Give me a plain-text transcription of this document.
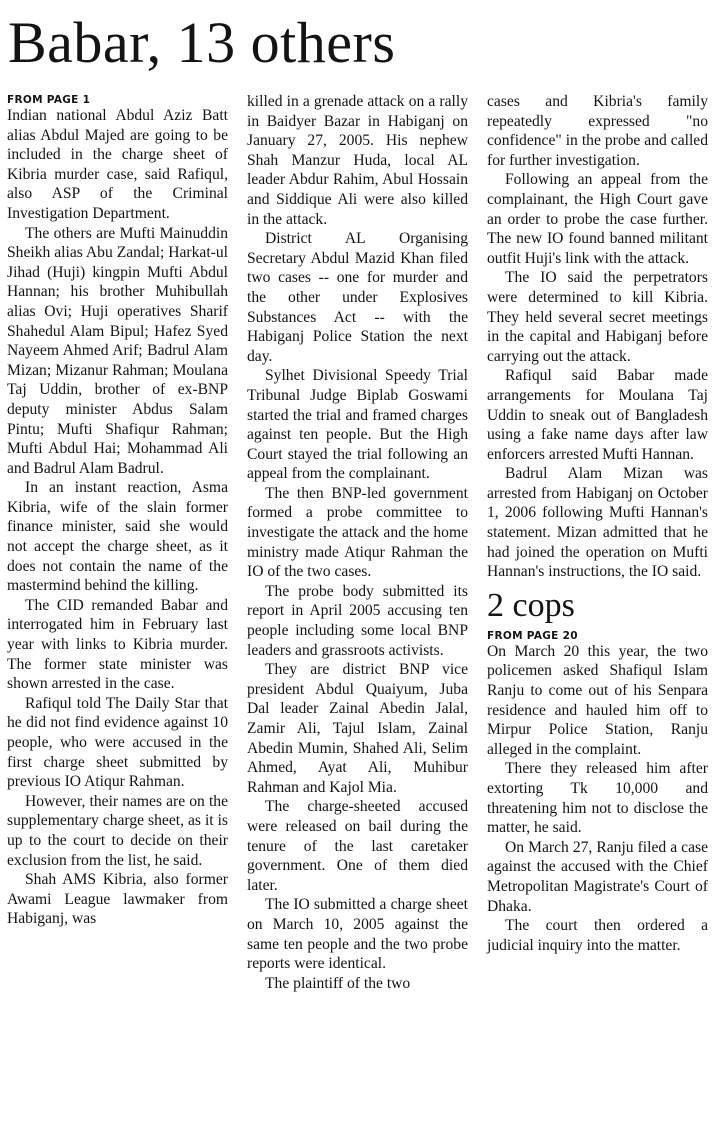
Babar, 13 others
FROM PAGE 1

Indian national Abdul Aziz Batt alias Abdul Majed are going to be included in the charge sheet of Kibria murder case, said Rafiqul, also ASP of the Criminal Investigation Department.

The others are Mufti Mainuddin Sheikh alias Abu Zandal; Harkat-ul Jihad (Huji) kingpin Mufti Abdul Hannan; his brother Muhibullah alias Ovi; Huji operatives Sharif Shahedul Alam Bipul; Hafez Syed Nayeem Ahmed Arif; Badrul Alam Mizan; Mizanur Rahman; Moulana Taj Uddin, brother of ex-BNP deputy minister Abdus Salam Pintu; Mufti Shafiqur Rahman; Mufti Abdul Hai; Mohammad Ali and Badrul Alam Badrul.

In an instant reaction, Asma Kibria, wife of the slain former finance minister, said she would not accept the charge sheet, as it does not contain the name of the mastermind behind the killing.

The CID remanded Babar and interrogated him in February last year with links to Kibria murder. The former state minister was shown arrested in the case.

Rafiqul told The Daily Star that he did not find evidence against 10 people, who were accused in the first charge sheet submitted by previous IO Atiqur Rahman.

However, their names are on the supplementary charge sheet, as it is up to the court to decide on their exclusion from the list, he said.

Shah AMS Kibria, also former Awami League lawmaker from Habiganj, was

killed in a grenade attack on a rally in Baidyer Bazar in Habiganj on January 27, 2005. His nephew Shah Manzur Huda, local AL leader Abdur Rahim, Abul Hossain and Siddique Ali were also killed in the attack.

District AL Organising Secretary Abdul Mazid Khan filed two cases -- one for murder and the other under Explosives Substances Act -- with the Habiganj Police Station the next day.

Sylhet Divisional Speedy Trial Tribunal Judge Biplab Goswami started the trial and framed charges against ten people. But the High Court stayed the trial following an appeal from the complainant.

The then BNP-led government formed a probe committee to investigate the attack and the home ministry made Atiqur Rahman the IO of the two cases.

The probe body submitted its report in April 2005 accusing ten people including some local BNP leaders and grassroots activists.

They are district BNP vice president Abdul Quaiyum, Juba Dal leader Zainal Abedin Jalal, Zamir Ali, Tajul Islam, Zainal Abedin Mumin, Shahed Ali, Selim Ahmed, Ayat Ali, Muhibur Rahman and Kajol Mia.

The charge-sheeted accused were released on bail during the tenure of the last caretaker government. One of them died later.

The IO submitted a charge sheet on March 10, 2005 against the same ten people and the two probe reports were identical.

The plaintiff of the two

cases and Kibria's family repeatedly expressed "no confidence" in the probe and called for further investigation.

Following an appeal from the complainant, the High Court gave an order to probe the case further. The new IO found banned militant outfit Huji's link with the attack.

The IO said the perpetrators were determined to kill Kibria. They held several secret meetings in the capital and Habiganj before carrying out the attack.

Rafiqul said Babar made arrangements for Moulana Taj Uddin to sneak out of Bangladesh using a fake name days after law enforcers arrested Mufti Hannan.

Badrul Alam Mizan was arrested from Habiganj on October 1, 2006 following Mufti Hannan's statement. Mizan admitted that he had joined the operation on Mufti Hannan's instructions, the IO said.

2 cops
FROM PAGE 20

On March 20 this year, the two policemen asked Shafiqul Islam Ranju to come out of his Senpara residence and hauled him off to Mirpur Police Station, Ranju alleged in the complaint.

There they released him after extorting Tk 10,000 and threatening him not to disclose the matter, he said.

On March 27, Ranju filed a case against the accused with the Chief Metropolitan Magistrate's Court of Dhaka.

The court then ordered a judicial inquiry into the matter.
